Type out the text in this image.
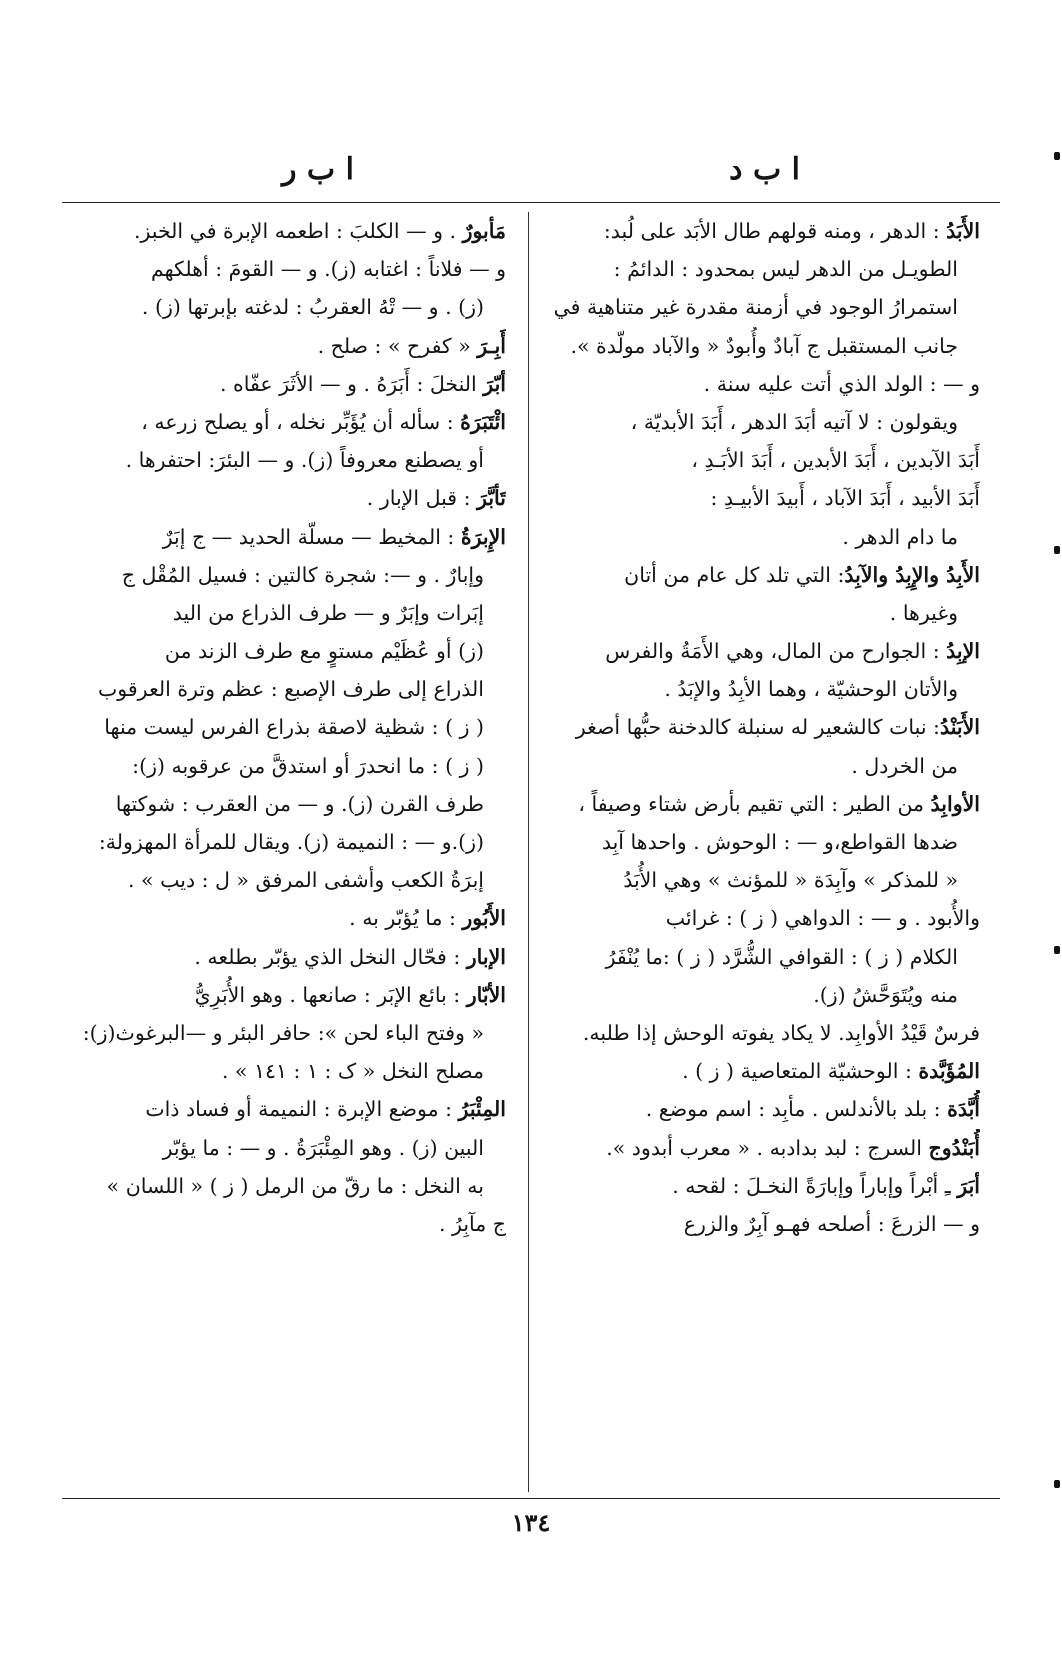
ا ب د
ا ب ر
الأَبَدُ : الدهر ، ومنه قولهم طال الأبَد على لُبد:
الطويـل من الدهر ليس بمحدود : الدائمُ :
استمرارُ الوجود في أزمنة مقدرة غير متناهية في
جانب المستقبل ج آبادٌ وأُبودٌ « والآباد مولّدة ».
و — : الولد الذي أتت عليه سنة .
ويقولون : لا آتيه أبَدَ الدهر ، أَبَدَ الأبديّة ،
أَبَدَ الآبدين ، أَبَدَ الأبدين ، أَبَدَ الأبَـدِ ،
أَبَدَ الأبيد ، أَبَدَ الآباد ، أَبيدَ الأبيـدِ :
ما دام الدهر .
الأَبِدُ والإِبِدُ والآبِدُ: التي تلد كل عام من أتان
وغيرها .
الإبِدُ : الجوارح من المال، وهي الأَمَةُ والفرس
والأتان الوحشيّة ، وهما الأبِدُ والإبَدُ .
الأَبَنْدُ: نبات كالشعير له سنبلة كالدخنة حبُّها أصغر
من الخردل .
الأوابِدُ من الطير : التي تقيم بأرض شتاء وصيفاً ،
ضدها القواطع،و — : الوحوش . واحدها آبِد
« للمذكر » وآبِدَة « للمؤنث » وهي الأُبَدُ
والأُبود . و — : الدواهي ( ز ) : غرائب
الكلام ( ز ) : القوافي الشُّرَّد ( ز ) :ما يُنْفَرُ
منه ويُتَوَحَّشُ (ز).
فرسٌ قَيْدُ الأوابِد. لا يكاد يفوته الوحش إذا طلبه.
المُؤَبَّدة : الوحشيّة المتعاصية ( ز ) .
أُبَّدَة : بلد بالأندلس . مأبِد : اسم موضع .
أُبَنْدُوج السرج : لبد بدادبه . « معرب أبدود ».
أبَرَ ـِ أبْراً وإباراً وإبارَةً النخـلَ : لقحه .
و — الزرعَ : أصلحه فهـو آبِرٌ والزرع
مَأبورٌ . و — الكلبَ : اطعمه الإبرة في الخبز.
و — فلاناً : اغتابه (ز). و — القومَ : أهلكهم
(ز) . و — تْهُ العقربُ : لدغته بإبرتها (ز) .
أَبِـرَ « كفرح » : صلح .
أبّرَ النخلَ : أَبَرَهُ . و — الأثَرَ عفّاه .
ائْتَبَرَهُ : سأله أن يُؤَبِّر نخله ، أو يصلح زرعه ،
أو يصطنع معروفاً (ز). و — البئرَ: احتفرها .
تَأبَّرَ : قبل الإبار .
الإِبرَةُ : المخيط — مسلّة الحديد — ج إبَرٌ
وإبارٌ . و —: شجرة كالتين : فسيل المُقْل ج
إبَرات وإبَرٌ و — طرف الذراع من اليد
(ز) أو عُظَيْم مستوٍ مع طرف الزند من
الذراع إلى طرف الإصبع : عظم وترة العرقوب
( ز ) : شظية لاصقة بذراع الفرس ليست منها
( ز ) : ما انحدرَ أو استدقَّ من عرقوبه (ز):
طرف القرن (ز). و — من العقرب : شوكتها
(ز).و — : النميمة (ز). ويقال للمرأة المهزولة:
إبرَةُ الكعب وأشفى المرفق « ل : ديب » .
الأَبُور : ما يُؤبّر به .
الإبار : فحّال النخل الذي يؤبّر بطلعه .
الأبّار : بائع الإبَر : صانعها . وهو الأُبَرِيُّ
« وفتح الباء لحن »: حافر البئر و —البرغوث(ز):
مصلح النخل « ک : ١ : ١٤١ » .
المِئْبَرُ : موضع الإبرة : النميمة أو فساد ذات
البين (ز) . وهو المِئْبَرَةُ . و — : ما يؤبّر
به النخل : ما رقّ من الرمل ( ز ) « اللسان »
ج مآبِرُ .
١٣٤
